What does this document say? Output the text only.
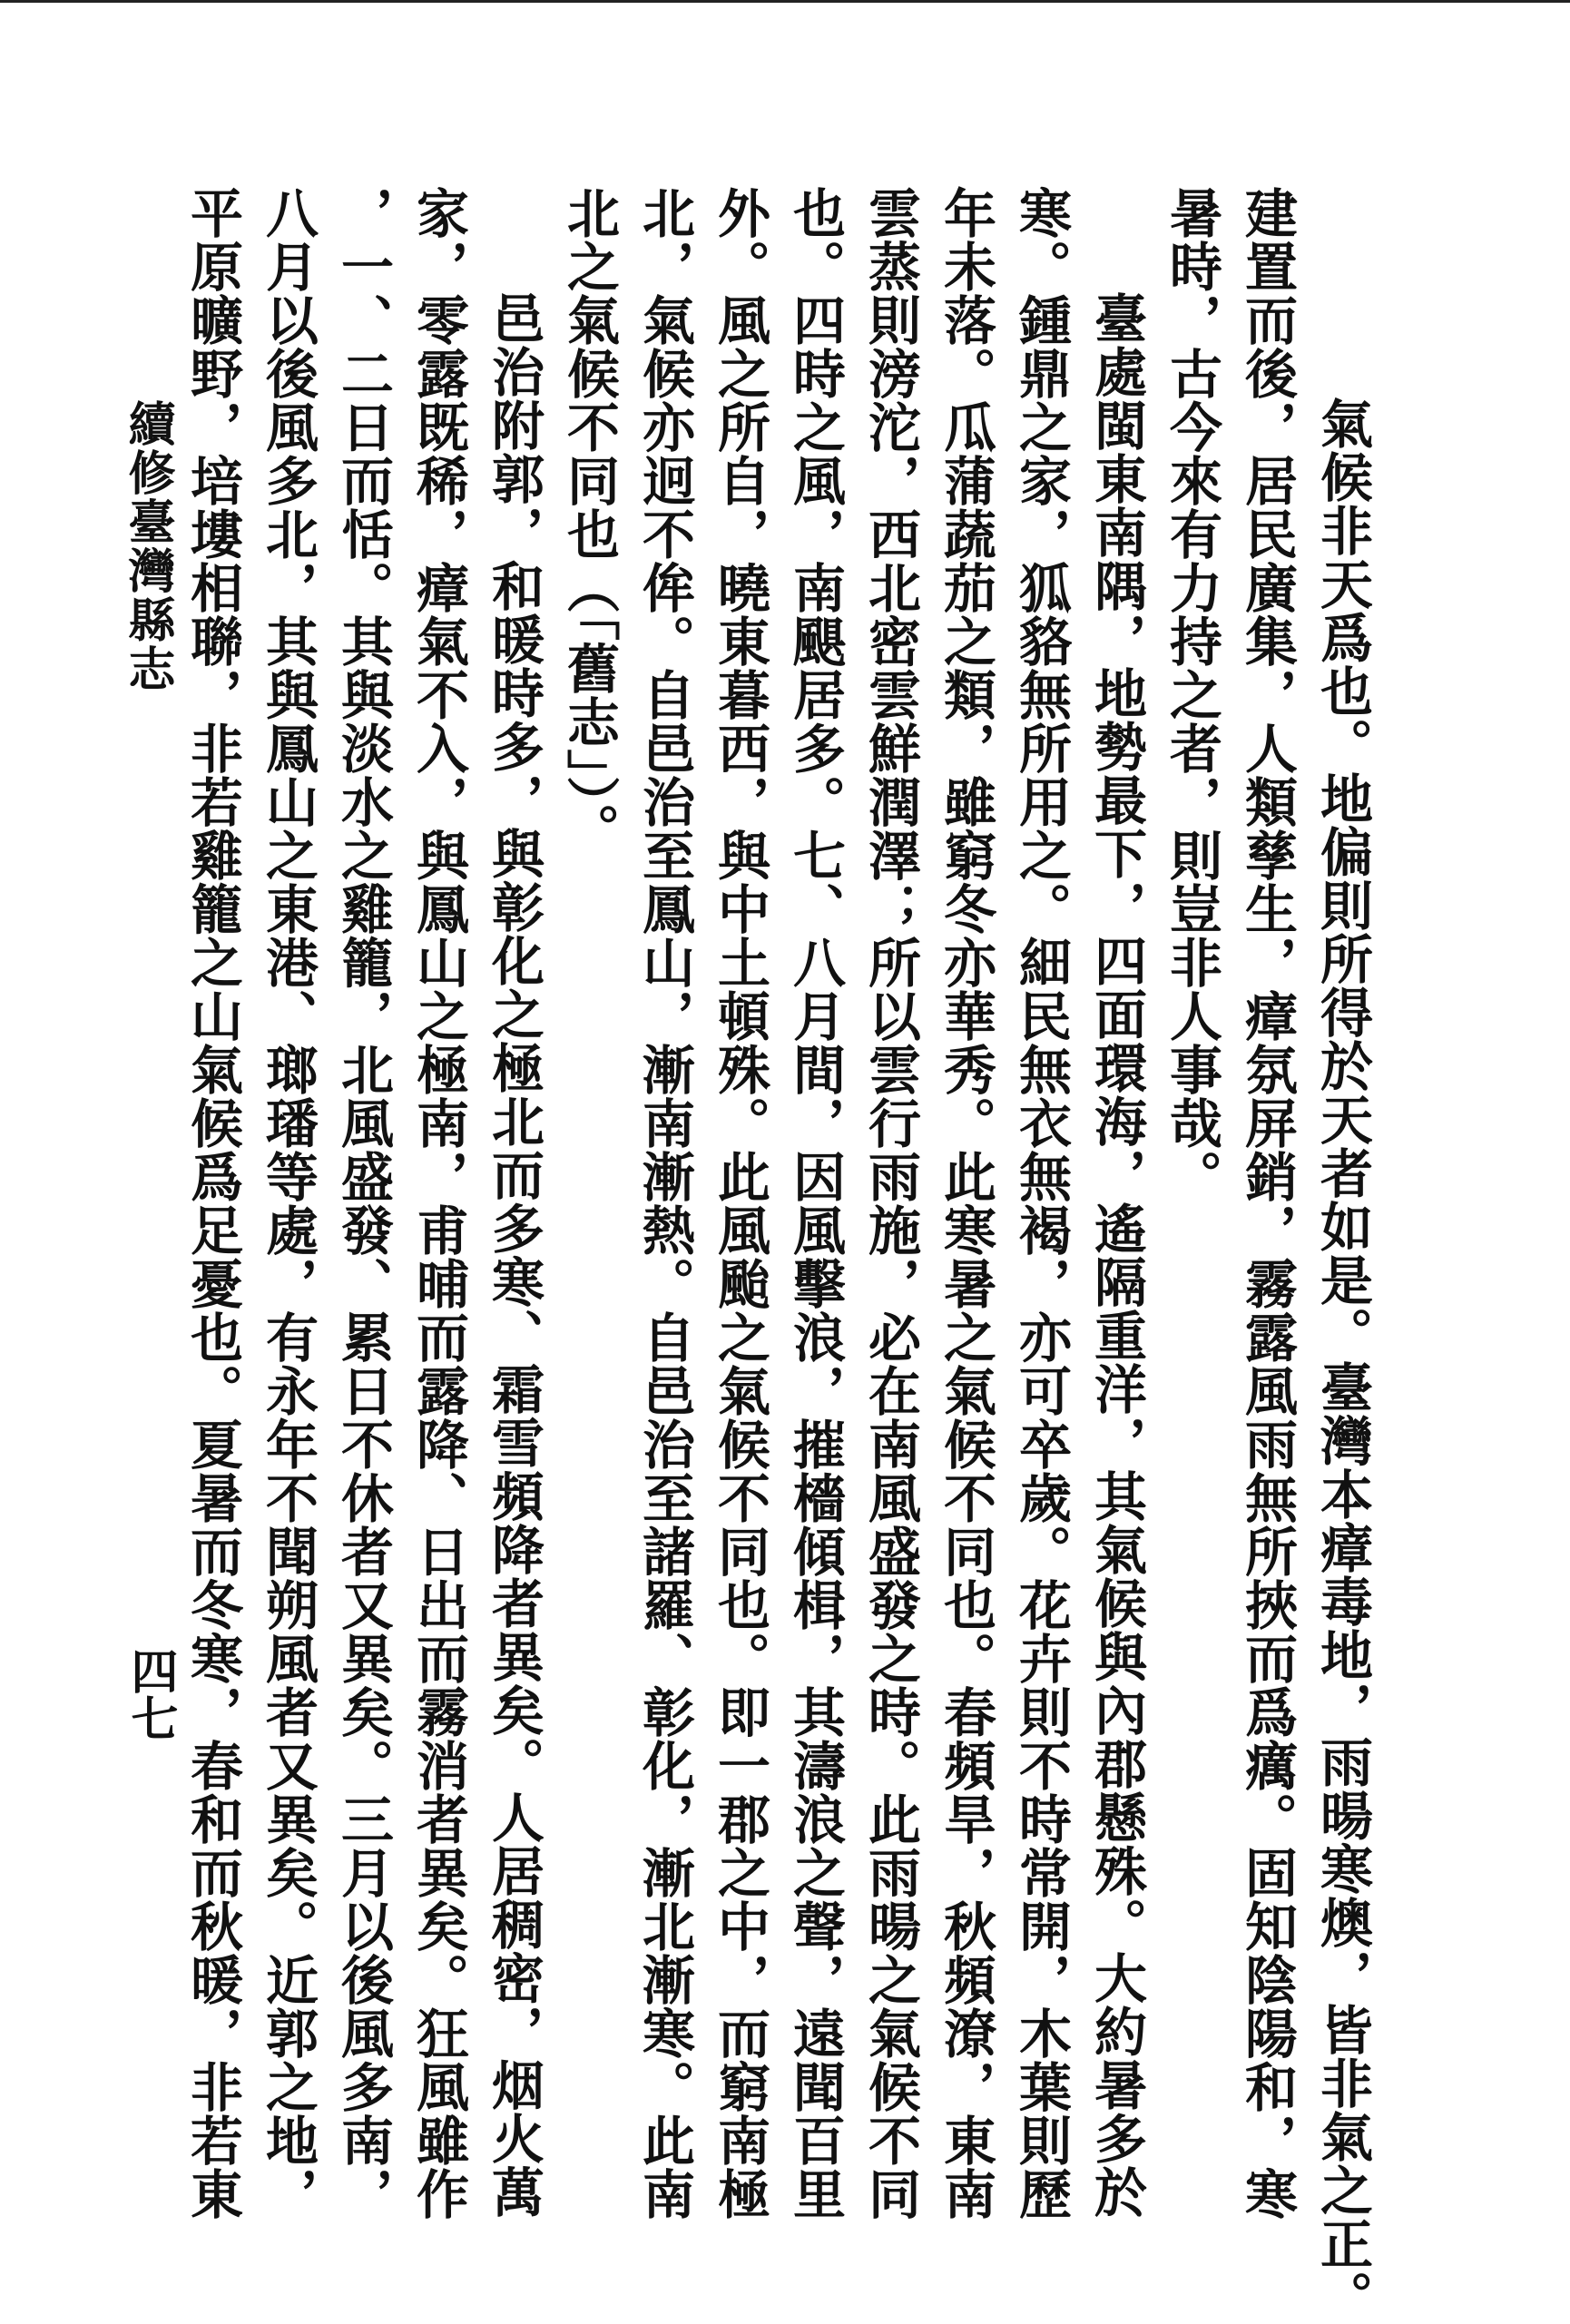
氣候非天爲也。地偏則所得於天者如是。臺灣本瘴毒地，雨暘寒燠，皆非氣之正。
建置而後，居民廣集，人類孳生，瘴氛屏銷，霧露風雨無所挾而爲癘。固知陰陽和，寒
暑時，古今來有力持之者，則豈非人事哉。
臺處閩東南隅，地勢最下，四面環海，遙隔重洋，其氣候與內郡懸殊。大約暑多於
寒。鍾鼎之家，狐貉無所用之。細民無衣無褐，亦可卒歲。花卉則不時常開，木葉則歷
年未落。瓜蒲蔬茄之類，雖窮冬亦華秀。此寒暑之氣候不同也。春頻旱，秋頻潦，東南
雲蒸則滂沱，西北密雲鮮潤澤；所以雲行雨施，必在南風盛發之時。此雨暘之氣候不同
也。四時之風，南颶居多。七、八月間，因風擊浪，摧檣傾楫，其濤浪之聲，遠聞百里
外。風之所自，曉東暮西，與中土頓殊。此風颱之氣候不同也。即一郡之中，而窮南極
北，氣候亦迥不侔。自邑治至鳳山，漸南漸熱。自邑治至諸羅、彰化，漸北漸寒。此南
北之氣候不同也（「舊志」）。
邑治附郭，和暖時多，與彰化之極北而多寒、霜雪頻降者異矣。人居稠密，烟火萬
家，零露既稀，瘴氣不入，與鳳山之極南，甫晡而露降、日出而霧消者異矣。狂風雖作
，一、二日而恬。其與淡水之雞籠，北風盛發、累日不休者又異矣。三月以後風多南，
八月以後風多北，其與鳳山之東港、瑯璠等處，有永年不聞朔風者又異矣。近郭之地，
平原曠野，培塿相聯，非若雞籠之山氣候爲足憂也。夏暑而冬寒，春和而秋暖，非若東
續修臺灣縣志
四七
